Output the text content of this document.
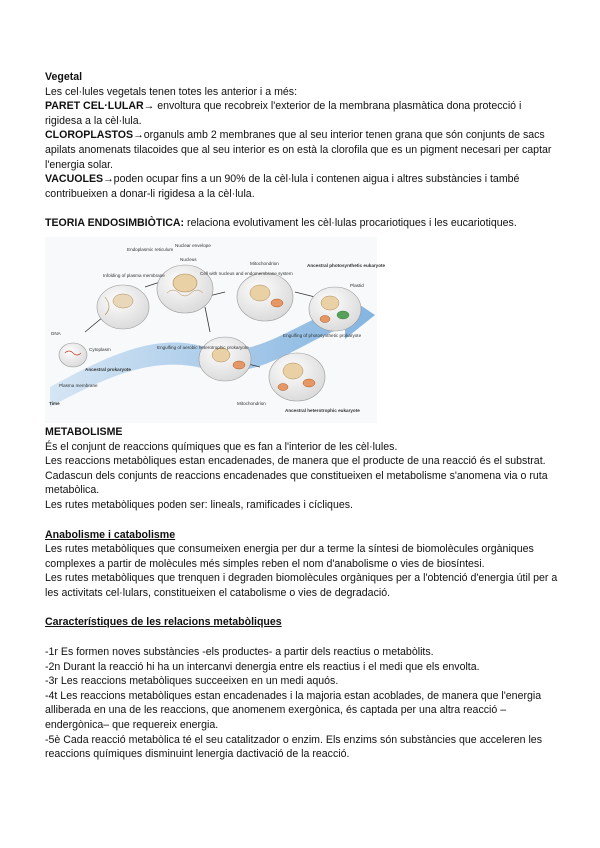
Vegetal

Les cel·lules vegetals tenen totes les anterior i a més:

PARET CEL·LULAR→ envoltura que recobreix l'exterior de la membrana plasmàtica dona protecció i rigidesa a la cèl·lula.

CLOROPLASTOS→organuls amb 2 membranes que al seu interior tenen grana que són conjunts de sacs apilats anomenats tilacoides que al seu interior es on està la clorofila que es un pigment necesari per captar l'energia solar.

VACUOLES→poden ocupar fins a un 90% de la cèl·lula i contenen aigua i altres substàncies i també contribueixen a donar-li rigidesa a la cèl·lula.

TEORIA ENDOSIMBIÒTICA: relaciona evolutivament les cèl·lulas procariotiques i les eucariotiques.

Endoplasmic reticulum
Nuclear envelope
Nucleus
Infolding of plasma membrane	Cell with nucleus and endomembrane system
Mitochondrion	Ancestral photosynthetic eukaryote
Plastid
DNA
Cytoplasm
Plasma membrane
Ancestral prokaryote
Time
Engulfing of aerobic heterotrophic prokaryote
Engulfing of photosynthetic prokaryote
Mitochondrion
Ancestral heterotrophic eukaryote

METABOLISME

És el conjunt de reaccions químiques que es fan a l'interior de les cèl·lules.

Les reaccions metabòliques estan encadenades, de manera que el producte de una reacció és el substrat. Cadascun dels conjunts de reaccions encadenades que constitueixen el metabolisme s'anomena via o ruta metabòlica.

Les rutes metabòliques poden ser: lineals, ramificades i cícliques.

Anabolisme i catabolisme

Les rutes metabòliques que consumeixen energia per dur a terme la síntesi de biomolècules orgàniques complexes a partir de molècules més simples reben el nom d'anabolisme o vies de biosíntesi.

Les rutes metabòliques que trenquen i degraden biomolècules orgàniques per a l'obtenció d'energia útil per a les activitats cel·lulars, constitueixen el catabolisme o vies de degradació.

Característiques de les relacions metabòliques

-1r Es formen noves substàncies -els productes- a partir dels reactius o metabòlits.

-2n Durant la reacció hi ha un intercanvi denergia entre els reactius i el medi que els envolta.

-3r Les reaccions metabòliques succeeixen en un medi aquós.

-4t Les reaccions metabòliques estan encadenades i la majoria estan acoblades, de manera que l'energia alliberada en una de les reaccions, que anomenem exergònica, és captada per una altra reacció –endergònica– que requereix energia.

-5è Cada reacció metabòlica té el seu catalitzador o enzim. Els enzims són substàncies que acceleren les reaccions químiques disminuint lenergia dactivació de la reacció.
